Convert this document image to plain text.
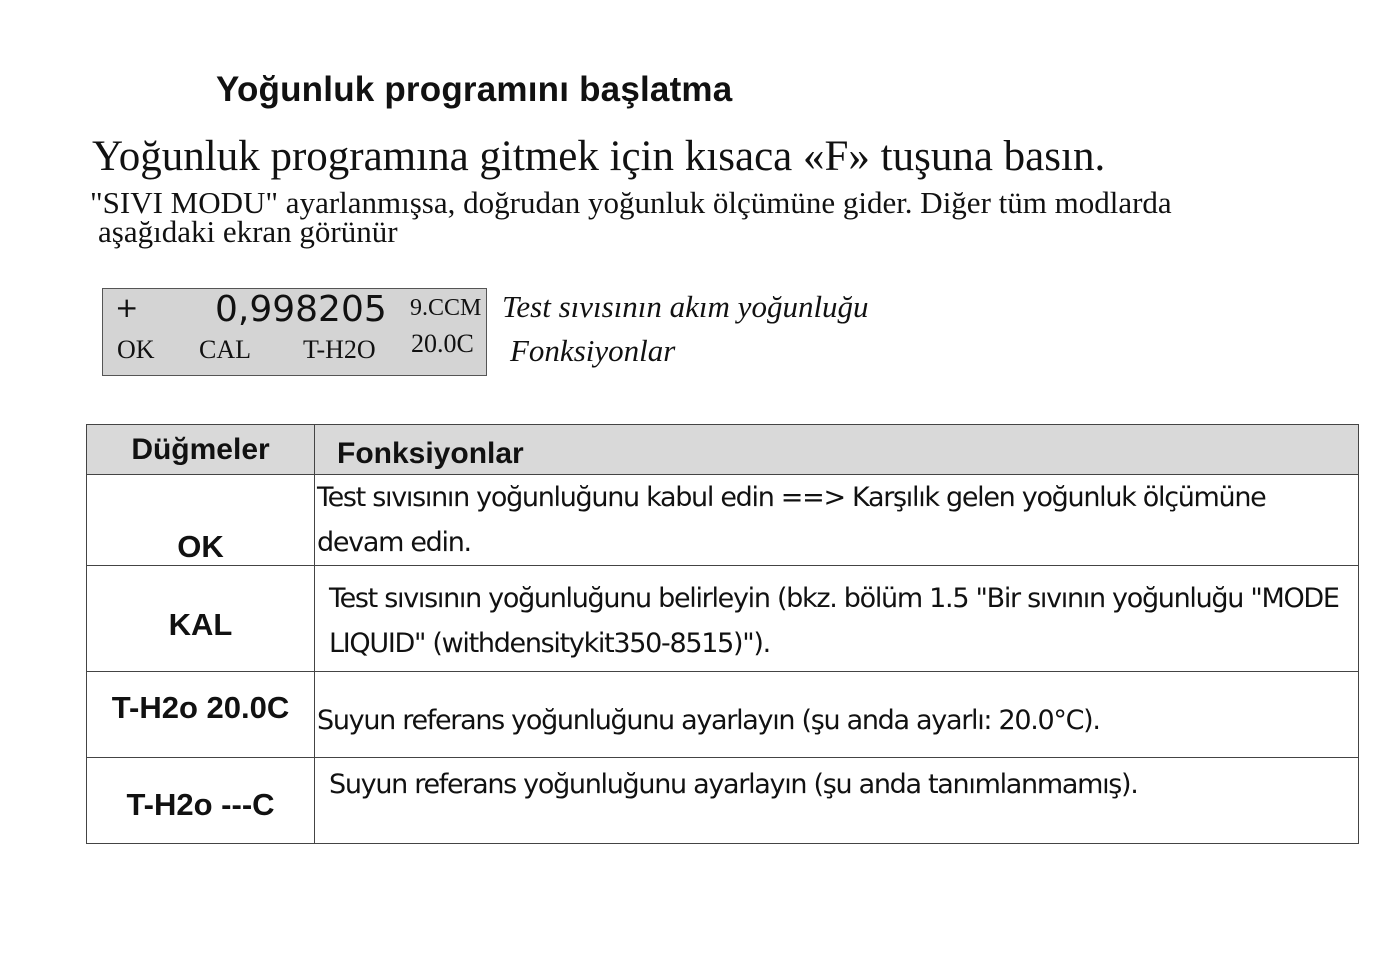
Yoğunluk programını başlatma

Yoğunluk programına gitmek için kısaca «F» tuşuna basın.

"SIVI MODU" ayarlanmışsa, doğrudan yoğunluk ölçümüne gider. Diğer tüm modlarda
aşağıdaki ekran görünür

+ 0,998205 9.CCM
OK CAL T-H2O 20.0C

Test sıvısının akım yoğunluğu

Fonksiyonlar

Düğmeler	Fonksiyonlar
OK	Test sıvısının yoğunluğunu kabul edin ==> Karşılık gelen yoğunluk ölçümüne devam edin.
KAL	Test sıvısının yoğunluğunu belirleyin (bkz. bölüm 1.5 "Bir sıvının yoğunluğu "MODE LIQUID" (withdensitykit350-8515)").
T-H2o 20.0C	Suyun referans yoğunluğunu ayarlayın (şu anda ayarlı: 20.0°C).
T-H2o ---C	Suyun referans yoğunluğunu ayarlayın (şu anda tanımlanmamış).
